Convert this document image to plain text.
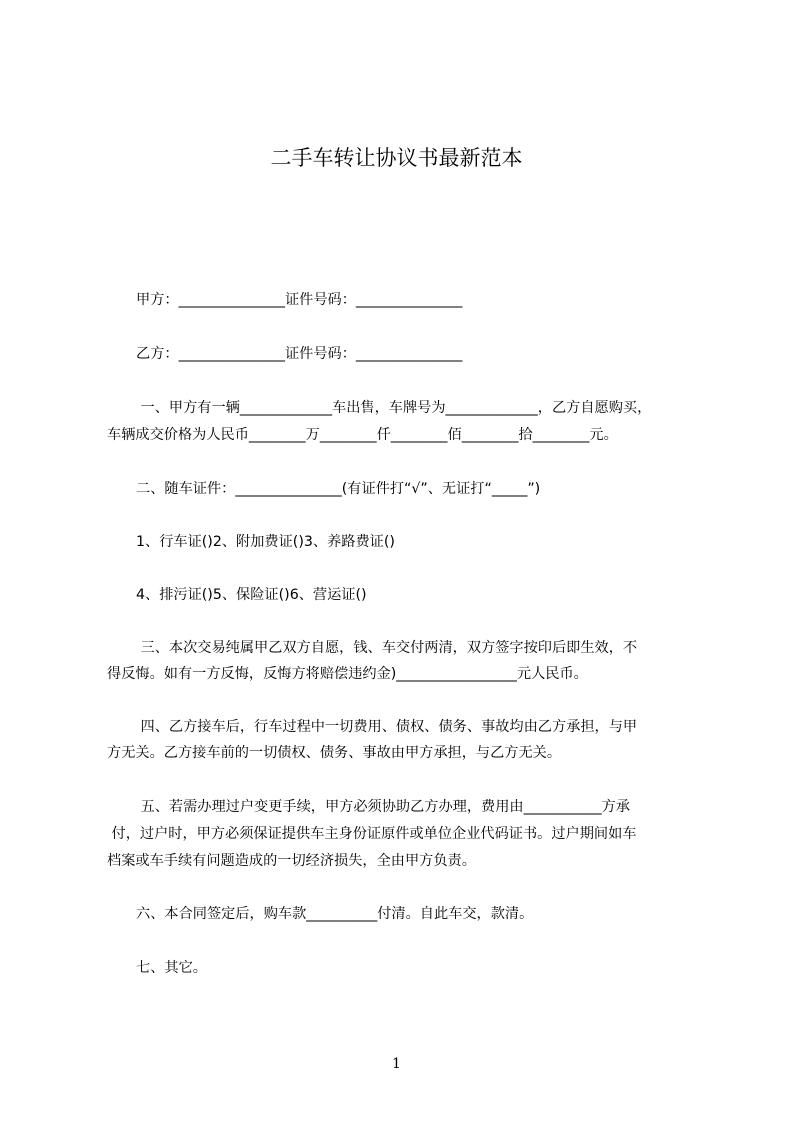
二手车转让协议书最新范本
甲方：_______________证件号码：_______________
乙方：_______________证件号码：_______________
一、甲方有一辆_____________车出售，车牌号为_____________，乙方自愿购买，
车辆成交价格为人民币________万________仟________佰________拾________元。
二、随车证件：_______________(有证件打“√”、无证打“_____”)
1、行车证()2、附加费证()3、养路费证()
4、排污证()5、保险证()6、营运证()
三、本次交易纯属甲乙双方自愿，钱、车交付两清，双方签字按印后即生效，不
得反悔。如有一方反悔，反悔方将赔偿违约金)_________________元人民币。
四、乙方接车后，行车过程中一切费用、债权、债务、事故均由乙方承担，与甲
方无关。乙方接车前的一切债权、债务、事故由甲方承担，与乙方无关。
五、若需办理过户变更手续，甲方必须协助乙方办理，费用由___________方承
付，过户时，甲方必须保证提供车主身份证原件或单位企业代码证书。过户期间如车
档案或车手续有问题造成的一切经济损失，全由甲方负责。
六、本合同签定后，购车款__________付清。自此车交，款清。
七、其它。
1
